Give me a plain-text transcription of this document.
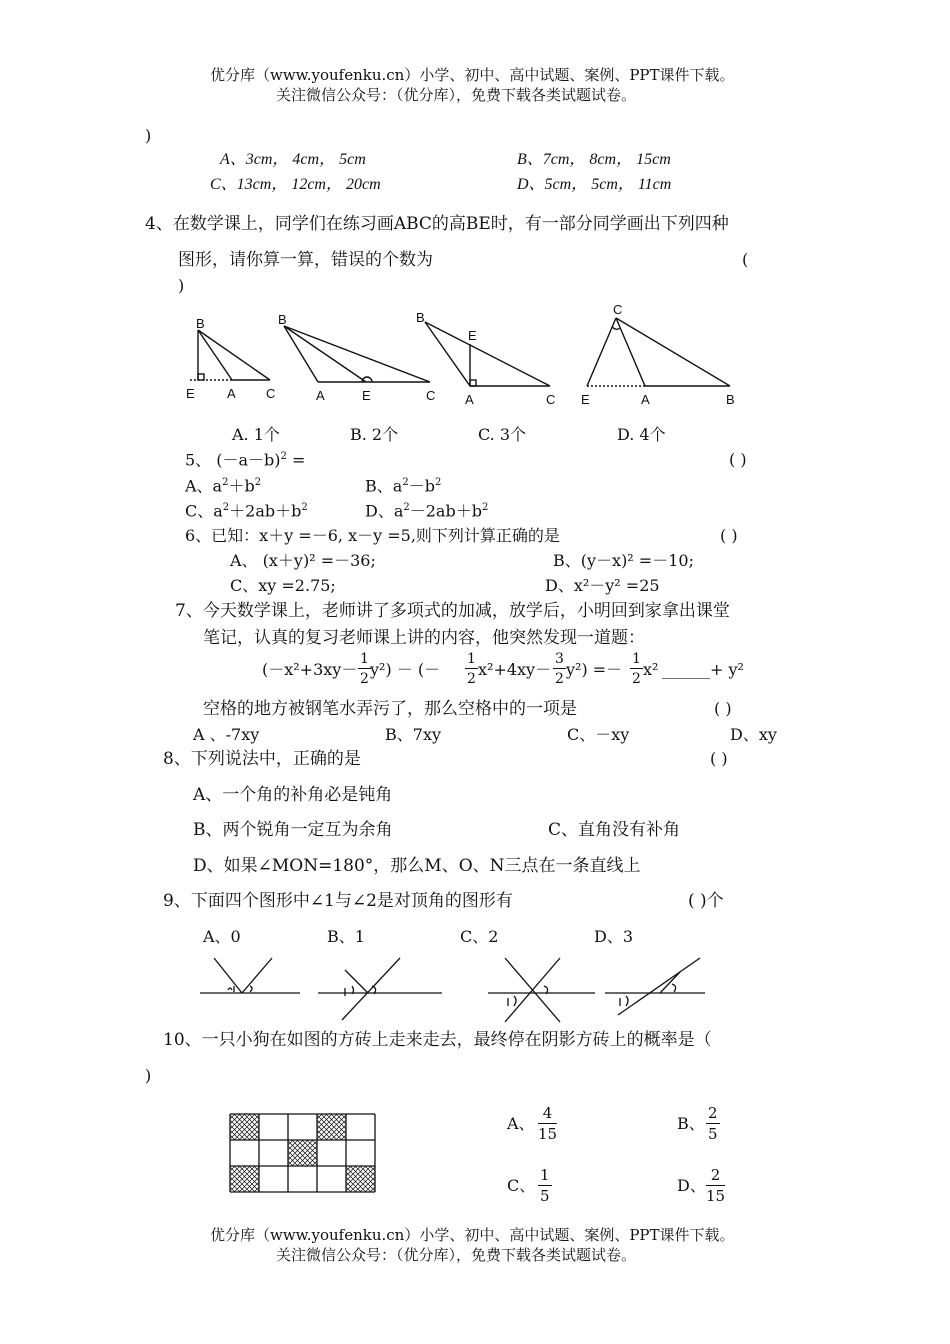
优分库（www.youfenku.cn）小学、初中、高中试题、案例、PPT课件下载。
关注微信公众号：（优分库），免费下载各类试题试卷。
)
A、3cm， 4cm， 5cm	B、7cm， 8cm， 15cm
C、13cm， 12cm， 20cm	D、5cm， 5cm， 11cm
4、在数学课上，同学们在练习画ABC的高BE时，有一部分同学画出下列四种
图形，请你算一算，错误的个数为	(
)
B
E A C
B
A	E	C
B
E
A	C
C
E	A	B
A. 1个	B. 2个	C. 3个	D. 4个
5、 $(-a-b)^2$ =	( )
A、$a^2+b^2$	B、$a^2-b^2$
C、$a^2+2ab+b^2$	D、$a^2-2ab+b^2$
6、已知：x＋y =－6, x－y =5,则下列计算正确的是	( )
A、 (x＋y)² =－36;	B、(y－x)² =－10;
C、xy =2.75;	D、x²－y² =25
7、今天数学课上，老师讲了多项式的加减，放学后，小明回到家拿出课堂
笔记，认真的复习老师课上讲的内容，他突然发现一道题：
$(-x^2+3xy- \frac{1}{2} y^2)$ － (－ $\frac{1}{2} x^2+4xy- \frac{3}{2} y^2) =- \frac{1}{2} x^2$ ______ + y²
空格的地方被钢笔水弄污了，那么空格中的一项是	( )
A 、-7xy	B、7xy	C、－xy	D、xy
8、下列说法中，正确的是	( )
A、一个角的补角必是钝角
B、两个锐角一定互为余角	C、直角没有补角
D、如果∠MON=180°，那么M、O、N三点在一条直线上
9、下面四个图形中∠1与∠2是对顶角的图形有	( )个
A、0	B、1	C、2	D、3
10、一只小狗在如图的方砖上走来走去，最终停在阴影方砖上的概率是（
)
A、 $\frac{4}{15}$	B、 $\frac{2}{5}$
C、 $\frac{1}{5}$	D、 $\frac{2}{15}$
优分库（www.youfenku.cn）小学、初中、高中试题、案例、PPT课件下载。
关注微信公众号：（优分库），免费下载各类试题试卷。
